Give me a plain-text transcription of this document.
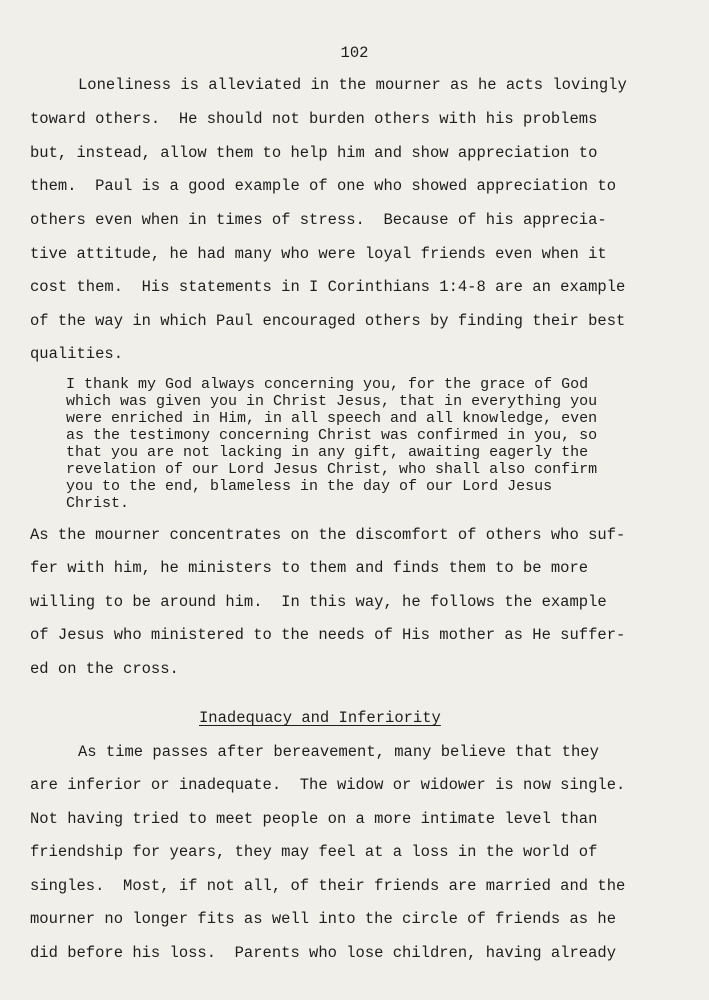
102
Loneliness is alleviated in the mourner as he acts lovingly
toward others.  He should not burden others with his problems
but, instead, allow them to help him and show appreciation to
them.  Paul is a good example of one who showed appreciation to
others even when in times of stress.  Because of his apprecia-
tive attitude, he had many who were loyal friends even when it
cost them.  His statements in I Corinthians 1:4-8 are an example
of the way in which Paul encouraged others by finding their best
qualities.
I thank my God always concerning you, for the grace of God
which was given you in Christ Jesus, that in everything you
were enriched in Him, in all speech and all knowledge, even
as the testimony concerning Christ was confirmed in you, so
that you are not lacking in any gift, awaiting eagerly the
revelation of our Lord Jesus Christ, who shall also confirm
you to the end, blameless in the day of our Lord Jesus
Christ.
As the mourner concentrates on the discomfort of others who suf-
fer with him, he ministers to them and finds them to be more
willing to be around him.  In this way, he follows the example
of Jesus who ministered to the needs of His mother as He suffer-
ed on the cross.
Inadequacy and Inferiority
As time passes after bereavement, many believe that they
are inferior or inadequate.  The widow or widower is now single.
Not having tried to meet people on a more intimate level than
friendship for years, they may feel at a loss in the world of
singles.  Most, if not all, of their friends are married and the
mourner no longer fits as well into the circle of friends as he
did before his loss.  Parents who lose children, having already
